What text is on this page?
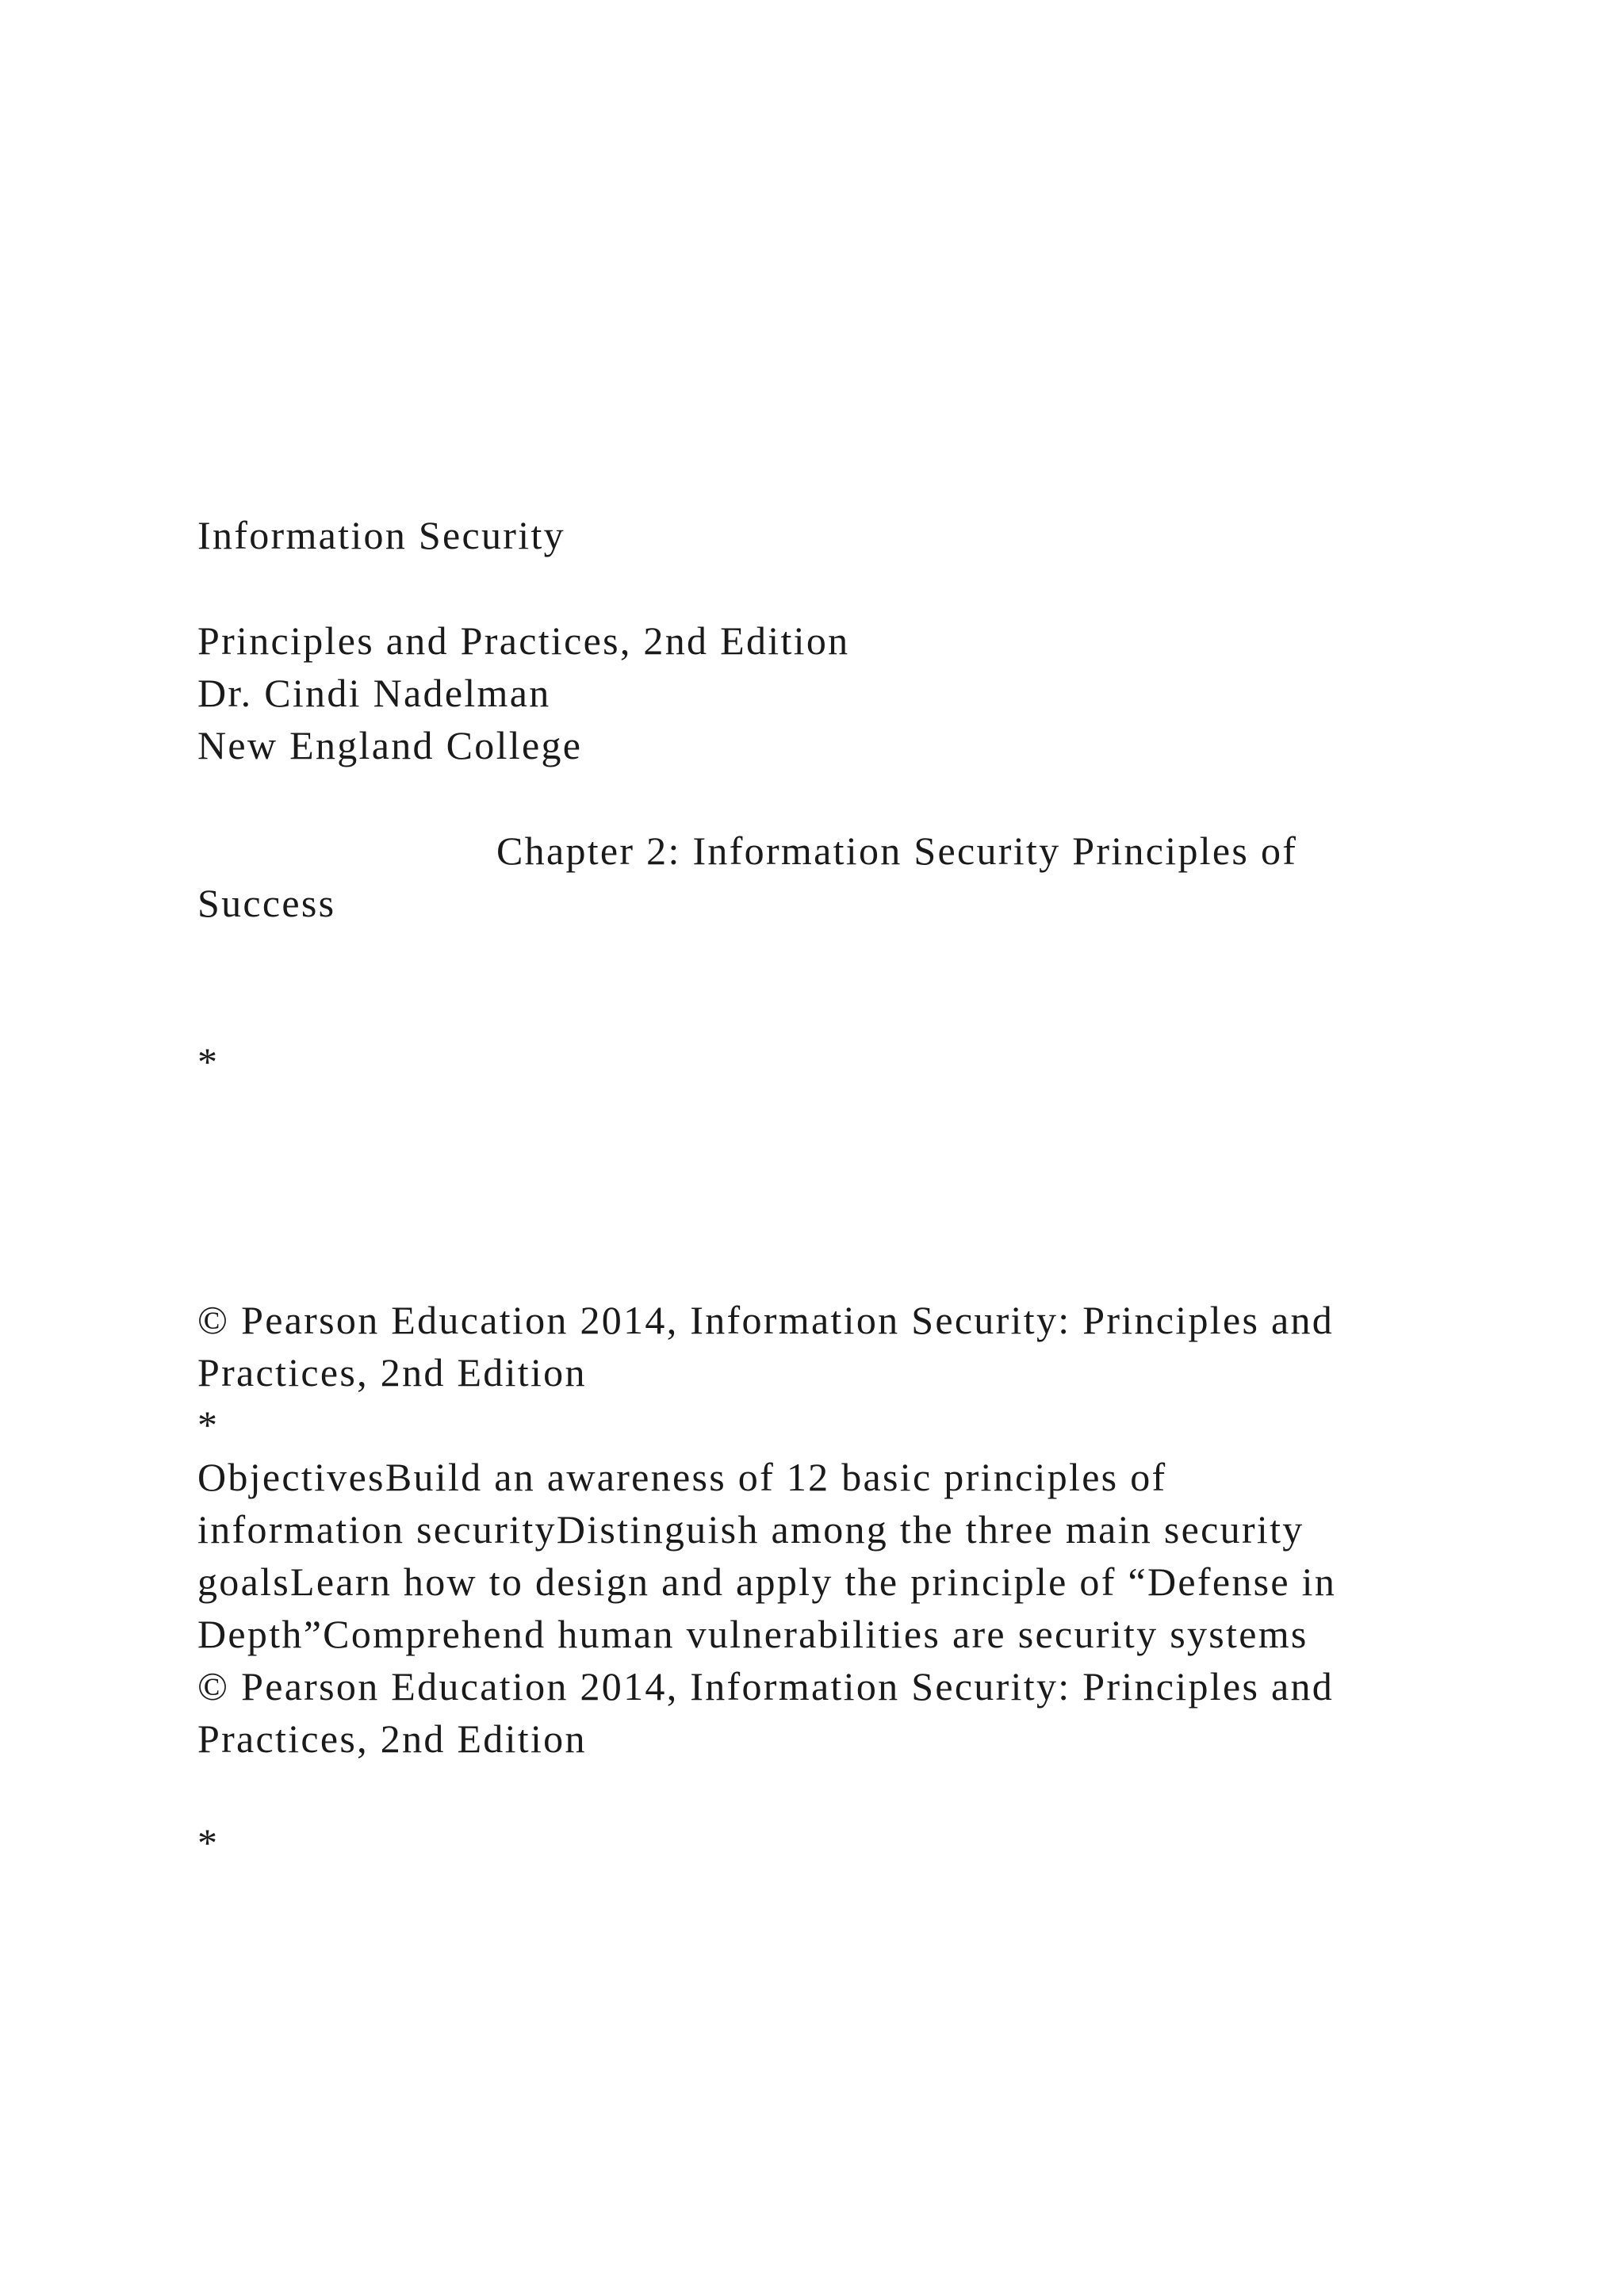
Information Security
Principles and Practices, 2nd Edition
Dr. Cindi Nadelman
New England College
Chapter 2: Information Security Principles of
Success
*
© Pearson Education 2014, Information Security: Principles and
Practices, 2nd Edition
*
ObjectivesBuild an awareness of 12 basic principles of
information securityDistinguish among the three main security
goalsLearn how to design and apply the principle of “Defense in
Depth”Comprehend human vulnerabilities are security systems
© Pearson Education 2014, Information Security: Principles and
Practices, 2nd Edition
*
